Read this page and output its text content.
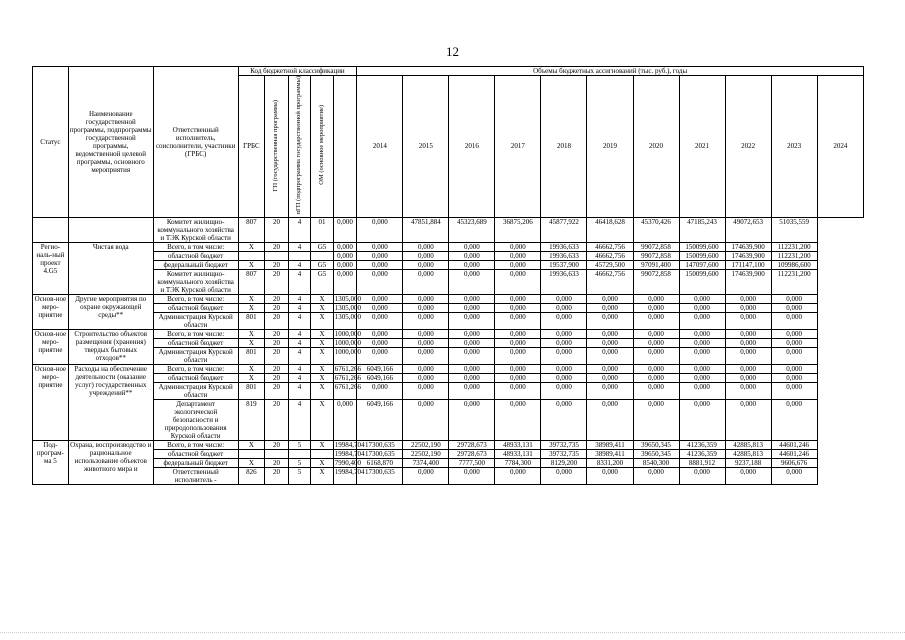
12
Статус	Наименование государственной программы, подпрограммы государственной программы, ведомственной целевой программы, основного мероприятия	Ответственный исполнитель, соисполнители, участники (ГРБС)	Код бюджетной классификации					Объемы бюджетных ассигнований (тыс. руб.), годы										
			ГРБС	ГП (государственная программа)	пГП (подпрограмма государственной программы)	ОМ (основное мероприятие)		2014	2015	2016	2017	2018	2019	2020	2021	2022	2023	2024
		Комитет жилищно-коммунального хозяйства и ТЭК Курской области	807	20	4	01	0,000	0,000	47851,884	45323,689	36875,206	45877,922	46418,628	45370,426	47185,243	49072,653	51035,559	
Регио-наль-ный проект 4.G5	Чистая вода	Всего, в том числе:	X	20	4	G5	0,000	0,000	0,000	0,000	0,000	19936,633	46662,756	99072,858	150099,600	174639,900	112231,200	
		областной бюджет					0,000	0,000	0,000	0,000	0,000	19936,633	46662,756	99072,858	150099,600	174639,900	112231,200	
		федеральный бюджет	X	20	4	G5	0,000	0,000	0,000	0,000	0,000	19537,900	45729,500	97091,400	147097,600	171147,100	109986,600	
		Комитет жилищно-коммунального хозяйства и ТЭК Курской области	807	20	4	G5	0,000	0,000	0,000	0,000	0,000	19936,633	46662,756	99072,858	150099,600	174639,900	112231,200	
Основ-ное меро-приятие	Другие мероприятия по охране окружающей среды**	Всего, в том числе:	X	20	4	X	1305,000	0,000	0,000	0,000	0,000	0,000	0,000	0,000	0,000	0,000	0,000	
		областной бюджет	X	20	4	X	1305,000	0,000	0,000	0,000	0,000	0,000	0,000	0,000	0,000	0,000	0,000	
		Администрация Курской области	801	20	4	X	1305,000	0,000	0,000	0,000	0,000	0,000	0,000	0,000	0,000	0,000	0,000	
Основ-ное меро-приятие	Строительство объектов размещения (хранения) твердых бытовых отходов**	Всего, в том числе:	X	20	4	X	1000,000	0,000	0,000	0,000	0,000	0,000	0,000	0,000	0,000	0,000	0,000	
		областной бюджет	X	20	4	X	1000,000	0,000	0,000	0,000	0,000	0,000	0,000	0,000	0,000	0,000	0,000	
		Администрация Курской области	801	20	4	X	1000,000	0,000	0,000	0,000	0,000	0,000	0,000	0,000	0,000	0,000	0,000	
Основ-ное меро-приятие	Расходы на обеспечение деятельности (оказание услуг) государственных учреждений**	Всего, в том числе:	X	20	4	X	6761,266	6049,166	0,000	0,000	0,000	0,000	0,000	0,000	0,000	0,000	0,000	
		областной бюджет	X	20	4	X	6761,266	6049,166	0,000	0,000	0,000	0,000	0,000	0,000	0,000	0,000	0,000	
		Администрация Курской области	801	20	4	X	6761,266	0,000	0,000	0,000	0,000	0,000	0,000	0,000	0,000	0,000	0,000	
		Департамент экологической безопасности и природопользования Курской области	819	20	4	X	0,000	6049,166	0,000	0,000	0,000	0,000	0,000	0,000	0,000	0,000	0,000	
Под-програм-ма 5	Охрана, воспроизводство и рациональное использование объектов животного мира и	Всего, в том числе:	X	20	5	X	19984,704	17300,635	22502,190	29728,673	48933,131	39732,735	38989,411	39650,345	41236,359	42885,813	44601,246	
		областной бюджет					19984,704	17300,635	22502,190	29728,673	48933,131	39732,735	38989,411	39650,345	41236,359	42885,813	44601,246	
		федеральный бюджет	X	20	5	X	7990,400	6168,870	7374,400	7777,500	7784,300	8129,200	8331,200	8540,300	8881,912	9237,188	9606,676	
		Ответственный исполнитель -	826	20	5	X	19984,704	17300,635	0,000	0,000	0,000	0,000	0,000	0,000	0,000	0,000	0,000	
